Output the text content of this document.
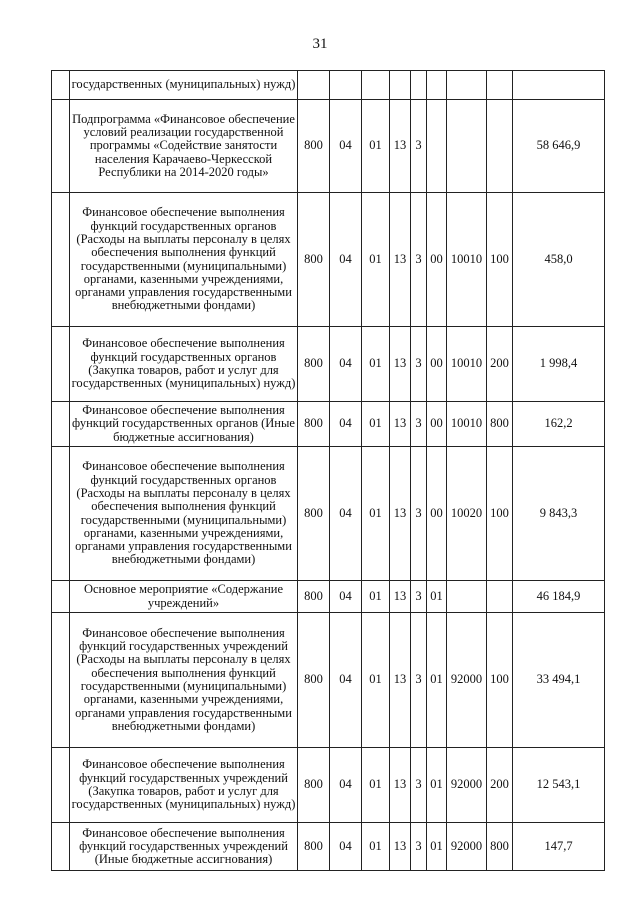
31
	государственных (муниципальных) нужд)									
	Подпрограмма «Финансовое обеспечение условий реализации государственной программы «Содействие занятости населения Карачаево-Черкесской Республики на 2014-2020 годы»	800	04	01	13	3				58 646,9
	Финансовое обеспечение выполнения функций государственных органов (Расходы на выплаты персоналу в целях обеспечения выполнения функций государственными (муниципальными) органами, казенными учреждениями, органами управления государственными внебюджетными фондами)	800	04	01	13	3	00	10010	100	458,0
	Финансовое обеспечение выполнения функций государственных органов (Закупка товаров, работ и услуг для государственных (муниципальных) нужд)	800	04	01	13	3	00	10010	200	1 998,4
	Финансовое обеспечение выполнения функций государственных органов (Иные бюджетные ассигнования)	800	04	01	13	3	00	10010	800	162,2
	Финансовое обеспечение выполнения функций государственных органов (Расходы на выплаты персоналу в целях обеспечения выполнения функций государственными (муниципальными) органами, казенными учреждениями, органами управления государственными внебюджетными фондами)	800	04	01	13	3	00	10020	100	9 843,3
	Основное мероприятие «Содержание учреждений»	800	04	01	13	3	01			46 184,9
	Финансовое обеспечение выполнения функций государственных учреждений (Расходы на выплаты персоналу в целях обеспечения выполнения функций государственными (муниципальными) органами, казенными учреждениями, органами управления государственными внебюджетными фондами)	800	04	01	13	3	01	92000	100	33 494,1
	Финансовое обеспечение выполнения функций государственных учреждений (Закупка товаров, работ и услуг для государственных (муниципальных) нужд)	800	04	01	13	3	01	92000	200	12 543,1
	Финансовое обеспечение выполнения функций государственных учреждений (Иные бюджетные ассигнования)	800	04	01	13	3	01	92000	800	147,7
